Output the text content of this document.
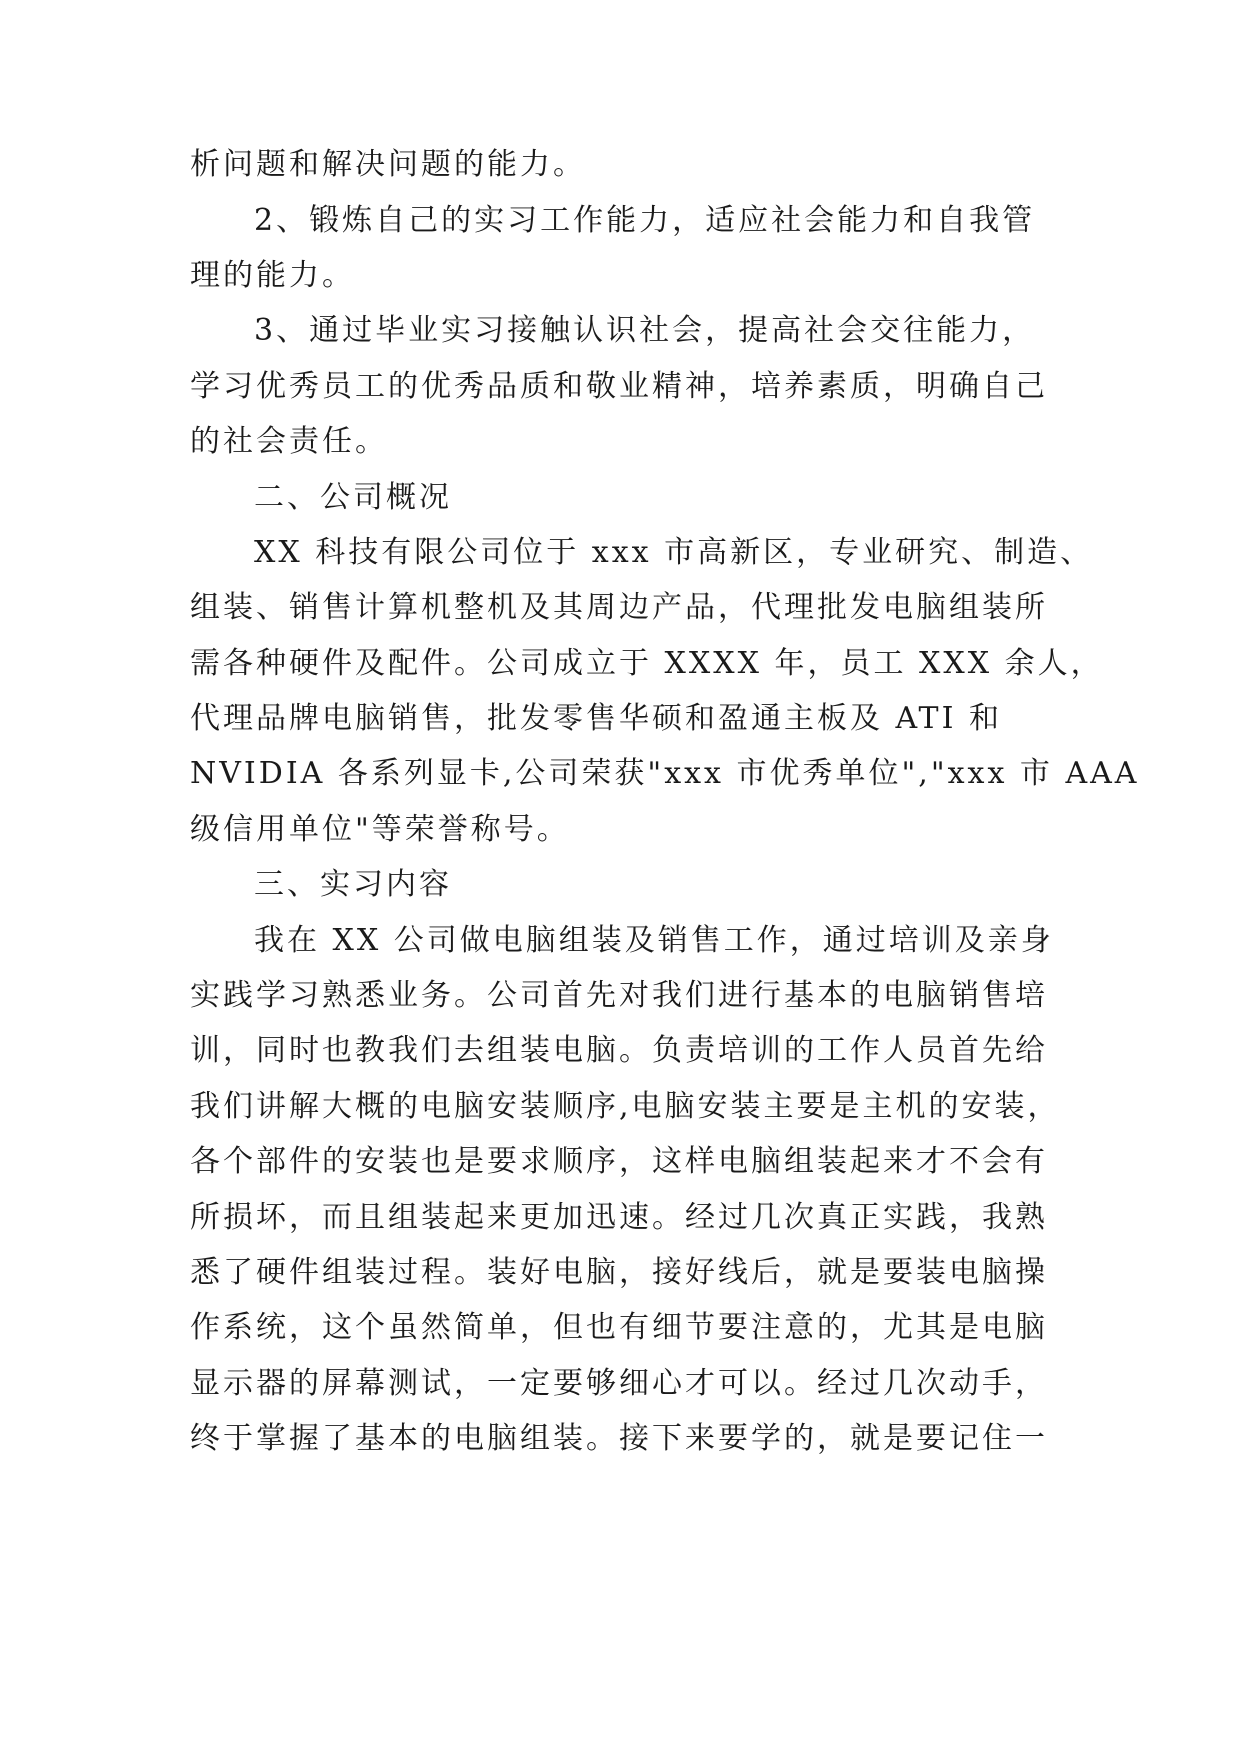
析问题和解决问题的能力。
2、锻炼自己的实习工作能力，适应社会能力和自我管
理的能力。
3、通过毕业实习接触认识社会，提高社会交往能力，
学习优秀员工的优秀品质和敬业精神，培养素质，明确自己
的社会责任。
二、公司概况
XX 科技有限公司位于 xxx 市高新区，专业研究、制造、
组装、销售计算机整机及其周边产品，代理批发电脑组装所
需各种硬件及配件。公司成立于 XXXX 年，员工 XXX 余人，
代理品牌电脑销售，批发零售华硕和盈通主板及 ATI 和
NVIDIA 各系列显卡,公司荣获"xxx 市优秀单位","xxx 市 AAA
级信用单位"等荣誉称号。
三、实习内容
我在 XX 公司做电脑组装及销售工作，通过培训及亲身
实践学习熟悉业务。公司首先对我们进行基本的电脑销售培
训，同时也教我们去组装电脑。负责培训的工作人员首先给
我们讲解大概的电脑安装顺序,电脑安装主要是主机的安装，
各个部件的安装也是要求顺序，这样电脑组装起来才不会有
所损坏，而且组装起来更加迅速。经过几次真正实践，我熟
悉了硬件组装过程。装好电脑，接好线后，就是要装电脑操
作系统，这个虽然简单，但也有细节要注意的，尤其是电脑
显示器的屏幕测试，一定要够细心才可以。经过几次动手，
终于掌握了基本的电脑组装。接下来要学的，就是要记住一
